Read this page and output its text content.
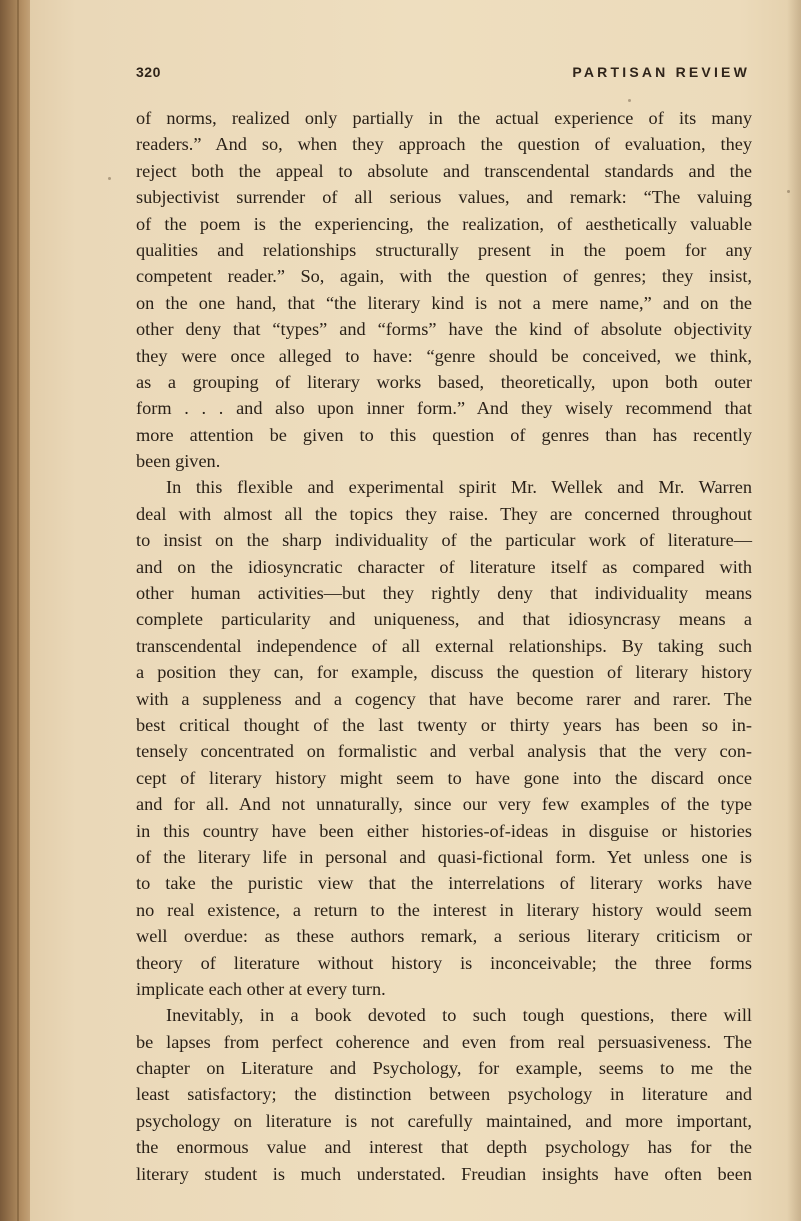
320	PARTISAN REVIEW

of norms, realized only partially in the actual experience of its many
readers.” And so, when they approach the question of evaluation, they
reject both the appeal to absolute and transcendental standards and the
subjectivist surrender of all serious values, and remark: “The valuing
of the poem is the experiencing, the realization, of aesthetically valuable
qualities and relationships structurally present in the poem for any
competent reader.” So, again, with the question of genres; they insist,
on the one hand, that “the literary kind is not a mere name,” and on the
other deny that “types” and “forms” have the kind of absolute objectivity
they were once alleged to have: “genre should be conceived, we think,
as a grouping of literary works based, theoretically, upon both outer
form . . . and also upon inner form.” And they wisely recommend that
more attention be given to this question of genres than has recently
been given.

In this flexible and experimental spirit Mr. Wellek and Mr. Warren
deal with almost all the topics they raise. They are concerned throughout
to insist on the sharp individuality of the particular work of literature—
and on the idiosyncratic character of literature itself as compared with
other human activities—but they rightly deny that individuality means
complete particularity and uniqueness, and that idiosyncrasy means a
transcendental independence of all external relationships. By taking such
a position they can, for example, discuss the question of literary history
with a suppleness and a cogency that have become rarer and rarer. The
best critical thought of the last twenty or thirty years has been so in-
tensely concentrated on formalistic and verbal analysis that the very con-
cept of literary history might seem to have gone into the discard once
and for all. And not unnaturally, since our very few examples of the type
in this country have been either histories-of-ideas in disguise or histories
of the literary life in personal and quasi-fictional form. Yet unless one is
to take the puristic view that the interrelations of literary works have
no real existence, a return to the interest in literary history would seem
well overdue: as these authors remark, a serious literary criticism or
theory of literature without history is inconceivable; the three forms
implicate each other at every turn.

Inevitably, in a book devoted to such tough questions, there will
be lapses from perfect coherence and even from real persuasiveness. The
chapter on Literature and Psychology, for example, seems to me the
least satisfactory; the distinction between psychology in literature and
psychology on literature is not carefully maintained, and more important,
the enormous value and interest that depth psychology has for the
literary student is much understated. Freudian insights have often been
